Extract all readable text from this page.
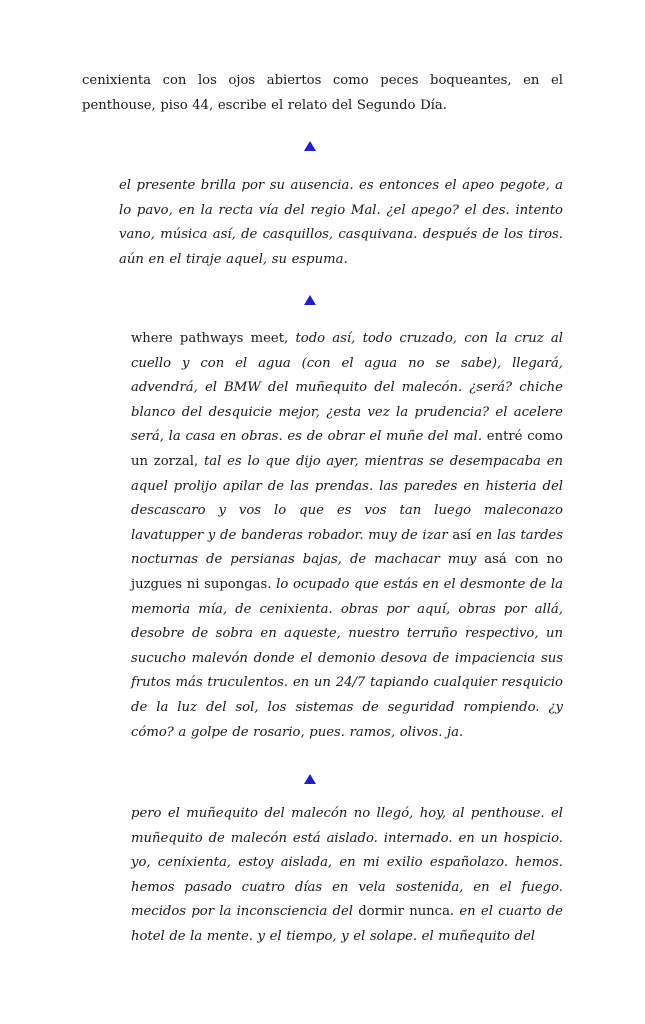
cenixienta con los ojos abiertos como peces boqueantes, en el penthouse, piso 44, escribe el relato del Segundo Día.

el presente brilla por su ausencia. es entonces el apeo pegote, a lo pavo, en la recta vía del regio Mal. ¿el apego? el des. intento vano, música así, de casquillos, casquivana. después de los tiros. aún en el tiraje aquel, su espuma.

where pathways meet, todo así, todo cruzado, con la cruz al cuello y con el agua (con el agua no se sabe), llegará, advendrá, el BMW del muñequito del malecón. ¿será? chiche blanco del desquicie mejor, ¿esta vez la prudencia? el acelere será, la casa en obras. es de obrar el muñe del mal. entré como un zorzal, tal es lo que dijo ayer, mientras se desempacaba en aquel prolijo apilar de las prendas. las paredes en histeria del descascaro y vos lo que es vos tan luego maleconazo lavatupper y de banderas robador. muy de izar así en las tardes nocturnas de persianas bajas, de machacar muy asá con no juzgues ni supongas. lo ocupado que estás en el desmonte de la memoria mía, de cenixienta. obras por aquí, obras por allá, desobre de sobra en aqueste, nuestro terruño respectivo, un sucucho malevón donde el demonio desova de impaciencia sus frutos más truculentos. en un 24/7 tapiando cualquier resquicio de la luz del sol, los sistemas de seguridad rompiendo. ¿y cómo? a golpe de rosario, pues. ramos, olivos. ja.

pero el muñequito del malecón no llegó, hoy, al penthouse. el muñequito de malecón está aislado. internado. en un hospicio. yo, cenixienta, estoy aislada, en mi exilio españolazo. hemos. hemos pasado cuatro días en vela sostenida, en el fuego. mecidos por la inconsciencia del dormir nunca. en el cuarto de hotel de la mente. y el tiempo, y el solape. el muñequito del
